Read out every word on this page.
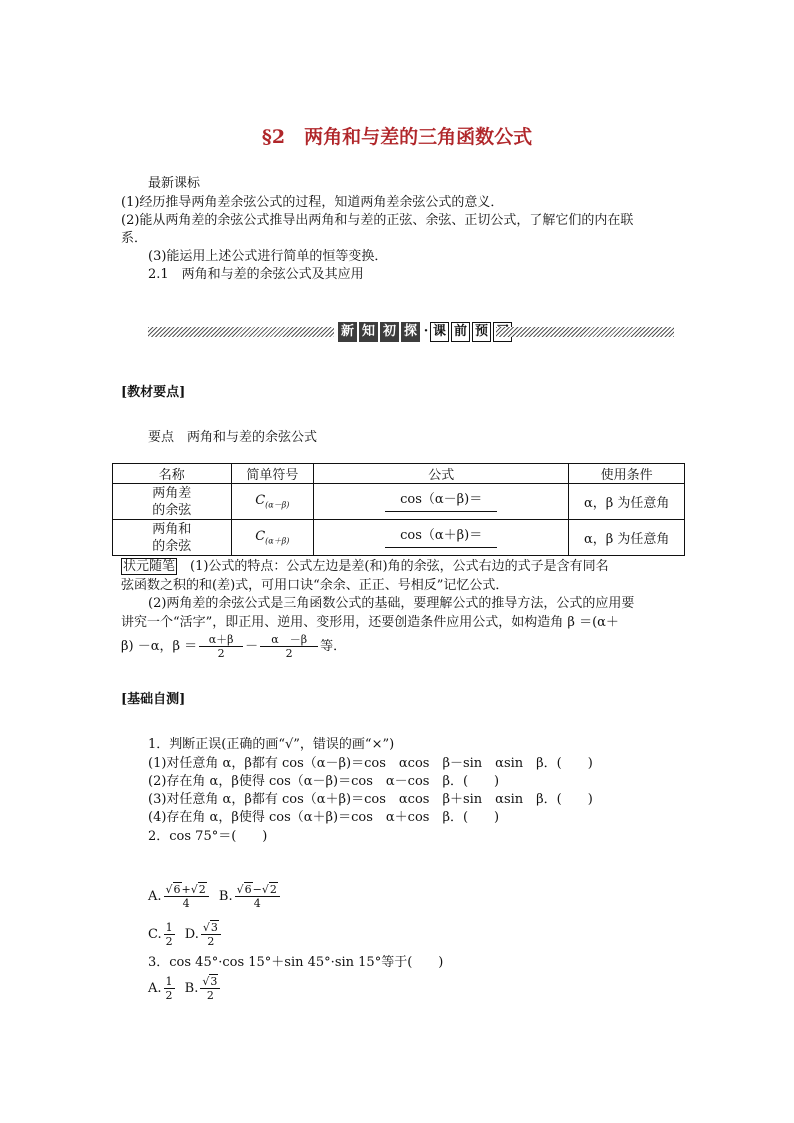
§2　两角和与差的三角函数公式
最新课标
(1)经历推导两角差余弦公式的过程，知道两角差余弦公式的意义．
(2)能从两角差的余弦公式推导出两角和与差的正弦、余弦、正切公式，了解它们的内在联
系．
(3)能运用上述公式进行简单的恒等变换．
2.1　两角和与差的余弦公式及其应用
新 知 初 探 · 课 前 预
[教材要点]
要点　两角和与差的余弦公式
名称	简单符号	公式	使用条件

两角差
的余弦	$C_{(\alpha-\beta)}$	cos（α－β)＝	α，β 为任意角

两角和
的余弦	$C_{(\alpha+\beta)}$	cos（α＋β)＝	α，β 为任意角
状元随笔　(1)公式的特点：公式左边是差(和)角的余弦，公式右边的式子是含有同名
弦函数之积的和(差)式，可用口诀“余余、正正、号相反”记忆公式．
(2)两角差的余弦公式是三角函数公式的基础，要理解公式的推导方法，公式的应用要
讲究一个“活字”，即正用、逆用、变形用，还要创造条件应用公式，如构造角 β ＝(α＋
β) －α，$\beta = \frac{\alpha+\beta}{2} - \frac{\alpha -\beta}{2}$ 等．
[基础自测]
1．判断正误(正确的画“√”，错误的画“×”)
(1)对任意角 α，β都有 cos（α－β)＝cos　αcos　β－sin　αsin　β．(　　)
(2)存在角 α，β使得 cos（α－β)＝cos　α－cos　β．(　　)
(3)对任意角 α，β都有 cos（α＋β)＝cos　αcos　β＋sin　αsin　β．(　　)
(4)存在角 α，β使得 cos（α＋β)＝cos　α＋cos　β．(　　)
2．cos 75°＝(　　)
A. $\frac{√6+√2}{4} B$. $\frac{√6-√2}{4}$
C. $\frac{1}{2} D$. $\frac{√3}{2}$
3．cos 45°·cos 15°＋sin 45°·sin 15°等于(　　)
A. $\frac{1}{2} B$. $\frac{√3}{2}$
